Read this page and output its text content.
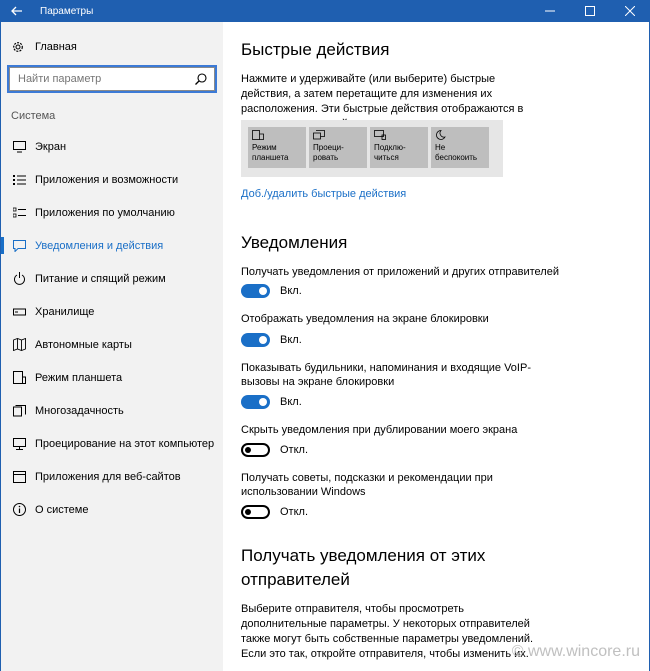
Параметры
Главная
Найти параметр
Система
Экран
Приложения и возможности
Приложения по умолчанию
Уведомления и действия
Питание и спящий режим
Хранилище
Автономные карты
Режим планшета
Многозадачность
Проецирование на этот компьютер
Приложения для веб-сайтов
О системе
Быстрые действия
Нажмите и удерживайте (или выберите) быстрые действия, а затем перетащите для изменения их расположения. Эти быстрые действия отображаются в
Режим
планшета
Проеци-
ровать
Подклю-
читься
Не
беспокоить
Доб./удалить быстрые действия
Уведомления
Получать уведомления от приложений и других отправителей
Вкл.
Отображать уведомления на экране блокировки
Вкл.
Показывать будильники, напоминания и входящие VoIP-вызовы на экране блокировки
Вкл.
Скрыть уведомления при дублировании моего экрана
Откл.
Получать советы, подсказки и рекомендации при использовании Windows
Откл.
Получать уведомления от этих отправителей
Выберите отправителя, чтобы просмотреть дополнительные параметры. У некоторых отправителей также могут быть собственные параметры уведомлений. Если это так, откройте отправителя, чтобы изменить их.
© www.wincore.ru
